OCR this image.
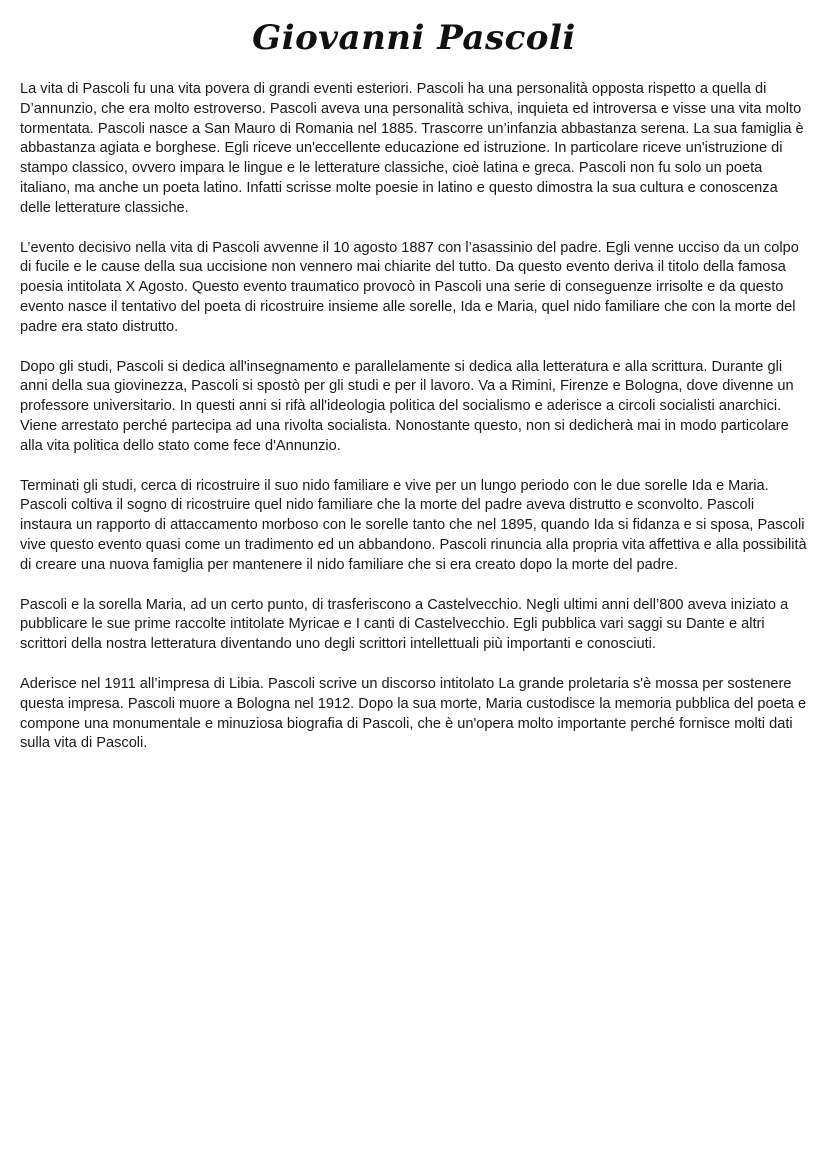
Giovanni Pascoli

La vita di Pascoli fu una vita povera di grandi eventi esteriori. Pascoli ha una personalità opposta rispetto a quella di D’annunzio, che era molto estroverso. Pascoli aveva una personalità schiva, inquieta ed introversa e visse una vita molto tormentata. Pascoli nasce a San Mauro di Romania nel 1885. Trascorre un’infanzia abbastanza serena. La sua famiglia è abbastanza agiata e borghese. Egli riceve un'eccellente educazione ed istruzione. In particolare riceve un'istruzione di stampo classico, ovvero impara le lingue e le letterature classiche, cioè latina e greca. Pascoli non fu solo un poeta italiano, ma anche un poeta latino. Infatti scrisse molte poesie in latino e questo dimostra la sua cultura e conoscenza delle letterature classiche.

L’evento decisivo nella vita di Pascoli avvenne il 10 agosto 1887 con l’asassinio del padre. Egli venne ucciso da un colpo di fucile e le cause della sua uccisione non vennero mai chiarite del tutto. Da questo evento deriva il titolo della famosa poesia intitolata X Agosto. Questo evento traumatico provocò in Pascoli una serie di conseguenze irrisolte e da questo evento nasce il tentativo del poeta di ricostruire insieme alle sorelle, Ida e Maria, quel nido familiare che con la morte del padre era stato distrutto.

Dopo gli studi, Pascoli si dedica all'insegnamento e parallelamente si dedica alla letteratura e alla scrittura. Durante gli anni della sua giovinezza, Pascoli si spostò per gli studi e per il lavoro. Va a Rimini, Firenze e Bologna, dove divenne un professore universitario. In questi anni si rifà all'ideologia politica del socialismo e aderisce a circoli socialisti anarchici. Viene arrestato perché partecipa ad una rivolta socialista. Nonostante questo, non si dedicherà mai in modo particolare alla vita politica dello stato come fece d'Annunzio.

Terminati gli studi, cerca di ricostruire il suo nido familiare e vive per un lungo periodo con le due sorelle Ida e Maria. Pascoli coltiva il sogno di ricostruire quel nido familiare che la morte del padre aveva distrutto e sconvolto. Pascoli instaura un rapporto di attaccamento morboso con le sorelle tanto che nel 1895, quando Ida si fidanza e si sposa, Pascoli vive questo evento quasi come un tradimento ed un abbandono. Pascoli rinuncia alla propria vita affettiva e alla possibilità di creare una nuova famiglia per mantenere il nido familiare che si era creato dopo la morte del padre.

Pascoli e la sorella Maria, ad un certo punto, di trasferiscono a Castelvecchio. Negli ultimi anni dell’800 aveva iniziato a pubblicare le sue prime raccolte intitolate Myricae e I canti di Castelvecchio. Egli pubblica vari saggi su Dante e altri scrittori della nostra letteratura diventando uno degli scrittori intellettuali più importanti e conosciuti.

Aderisce nel 1911 all’impresa di Libia. Pascoli scrive un discorso intitolato La grande proletaria s'è mossa per sostenere questa impresa. Pascoli muore a Bologna nel 1912. Dopo la sua morte, Maria custodisce la memoria pubblica del poeta e compone una monumentale e minuziosa biografia di Pascoli, che è un'opera molto importante perché fornisce molti dati sulla vita di Pascoli.
